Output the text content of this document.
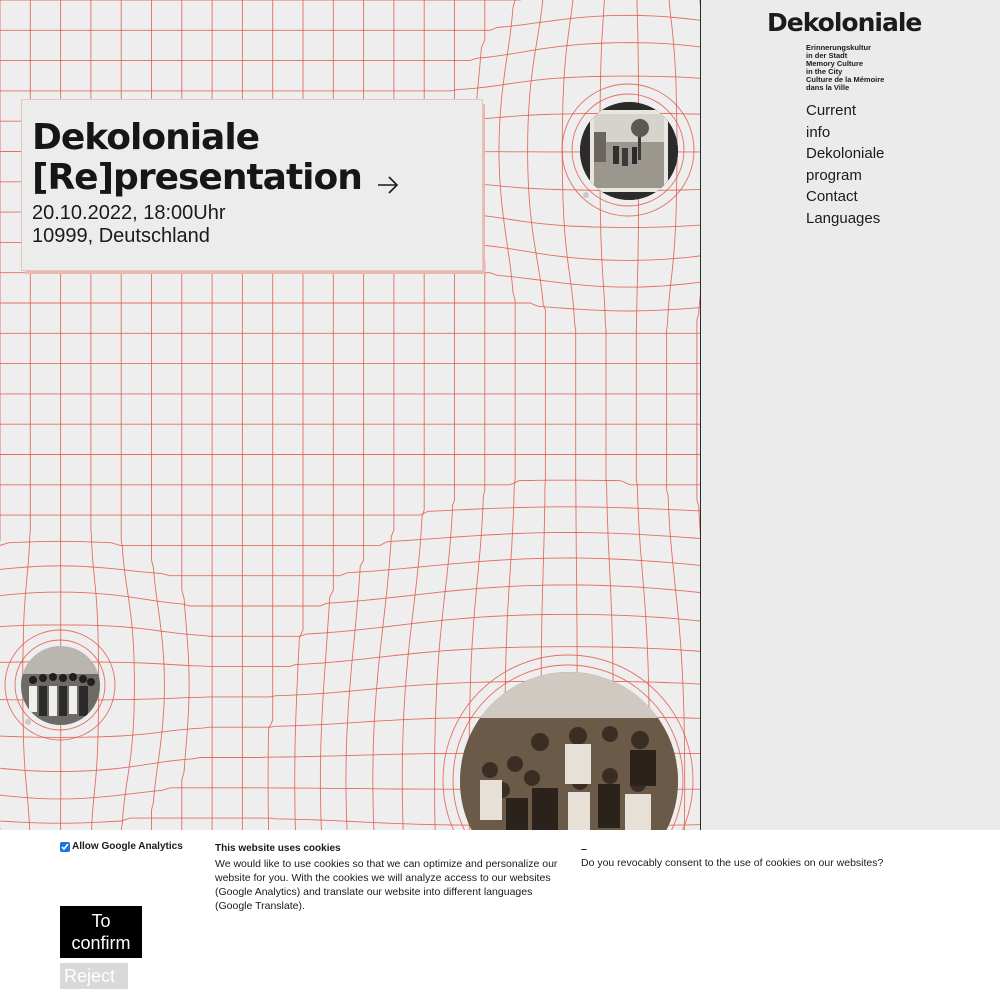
Dekoloniale
[Re]presentation
20.10.2022, 18:00Uhr
10999, Deutschland
Dekoloniale
Erinnerungskultur
in der Stadt
Memory Culture
in the City
Culture de la Mémoire
dans la Ville
Current
info
Dekoloniale
program
Contact
Languages
Allow Google Analytics	This website uses cookies
We would like to use cookies so that we can optimize and personalize our website for you. With the cookies we will analyze access to our websites (Google Analytics) and translate our website into different languages (Google Translate).
–
Do you revocably consent to the use of cookies on our websites?
To confirm
Reject
